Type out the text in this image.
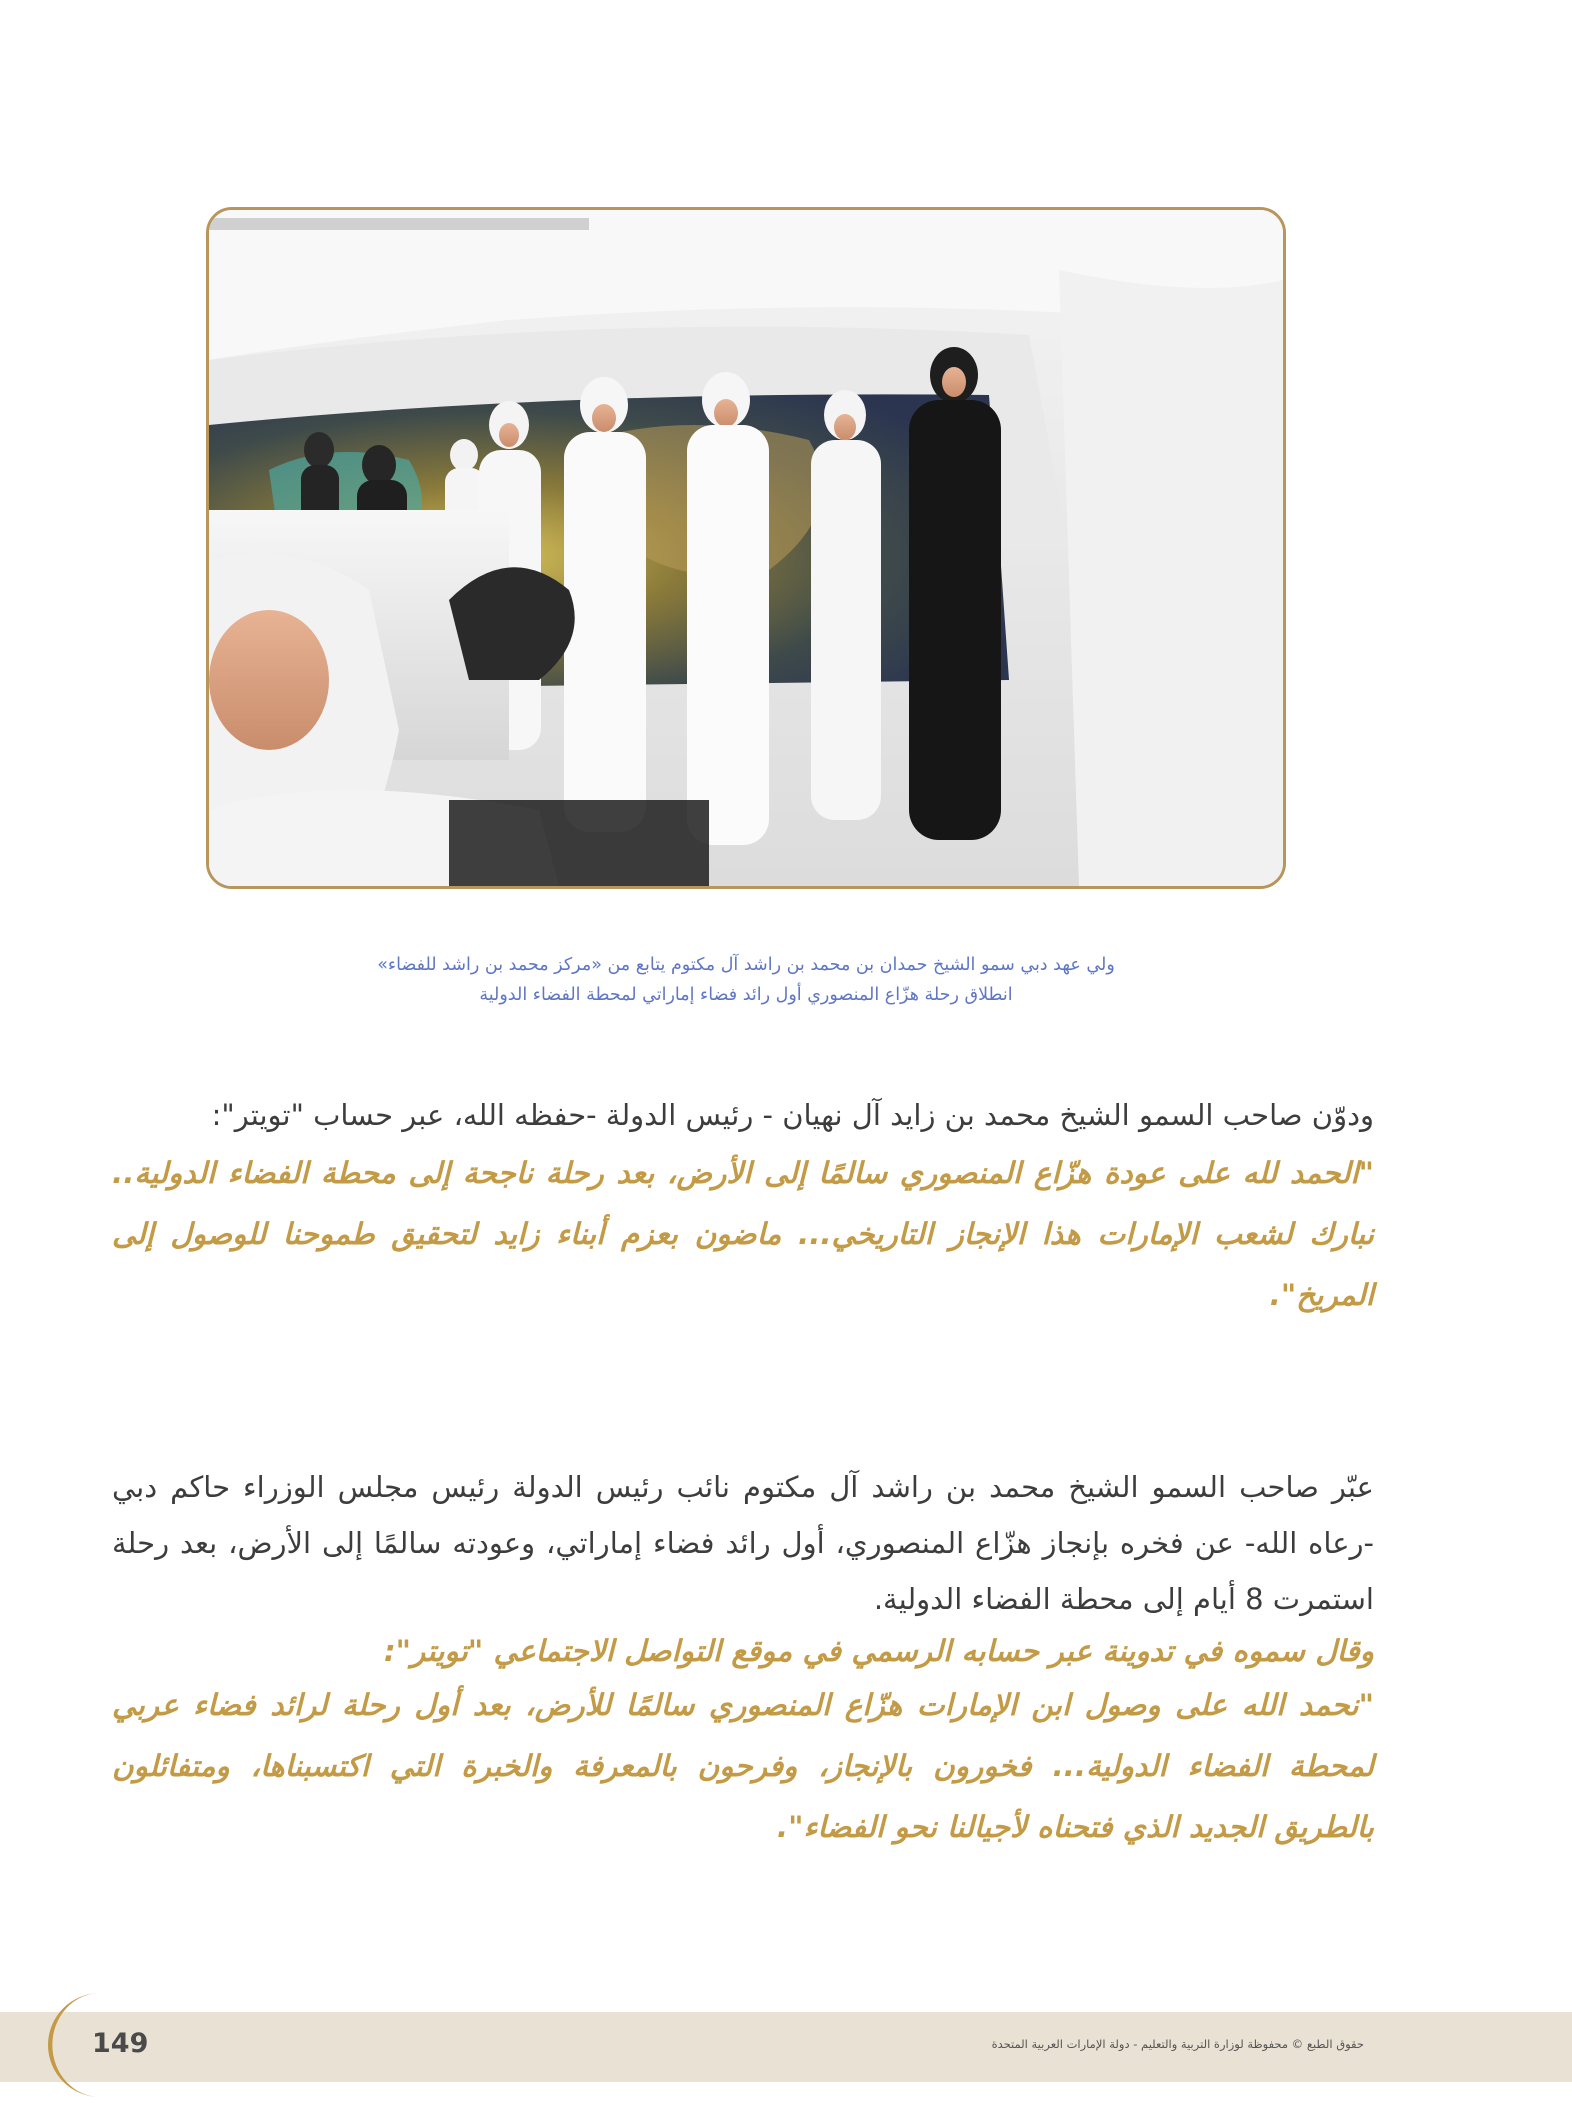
ولي عهد دبي سمو الشيخ حمدان بن محمد بن راشد آل مكتوم يتابع من «مركز محمد بن راشد للفضاء»
انطلاق رحلة هزّاع المنصوري أول رائد فضاء إماراتي لمحطة الفضاء الدولية

ودوّن صاحب السمو الشيخ محمد بن زايد آل نهيان - رئيس الدولة -حفظه الله، عبر حساب "تويتر":

"الحمد لله على عودة هزّاع المنصوري سالمًا إلى الأرض، بعد رحلة ناجحة إلى محطة الفضاء الدولية.. نبارك لشعب الإمارات هذا الإنجاز التاريخي... ماضون بعزم أبناء زايد لتحقيق طموحنا للوصول إلى المريخ".

عبّر صاحب السمو الشيخ محمد بن راشد آل مكتوم نائب رئيس الدولة رئيس مجلس الوزراء حاكم دبي -رعاه الله- عن فخره بإنجاز هزّاع المنصوري، أول رائد فضاء إماراتي، وعودته سالمًا إلى الأرض، بعد رحلة استمرت 8 أيام إلى محطة الفضاء الدولية.

وقال سموه في تدوينة عبر حسابه الرسمي في موقع التواصل الاجتماعي "تويتر":

"نحمد الله على وصول ابن الإمارات هزّاع المنصوري سالمًا للأرض، بعد أول رحلة لرائد فضاء عربي لمحطة الفضاء الدولية... فخورون بالإنجاز، وفرحون بالمعرفة والخبرة التي اكتسبناها، ومتفائلون بالطريق الجديد الذي فتحناه لأجيالنا نحو الفضاء".

149	حقوق الطبع © محفوظة لوزارة التربية والتعليم - دولة الإمارات العربية المتحدة
